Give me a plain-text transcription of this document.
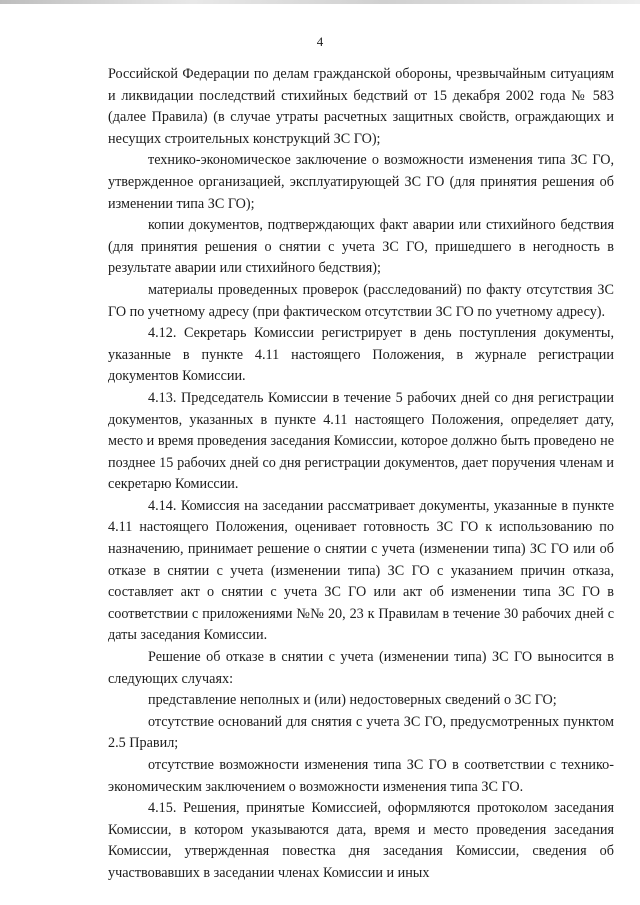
4

Российской Федерации по делам гражданской обороны, чрезвычайным ситуациям и ликвидации последствий стихийных бедствий от 15 декабря 2002 года № 583 (далее Правила) (в случае утраты расчетных защитных свойств, ограждающих и несущих строительных конструкций ЗС ГО);

технико-экономическое заключение о возможности изменения типа ЗС ГО, утвержденное организацией, эксплуатирующей ЗС ГО (для принятия решения об изменении типа ЗС ГО);

копии документов, подтверждающих факт аварии или стихийного бедствия (для принятия решения о снятии с учета ЗС ГО, пришедшего в негодность в результате аварии или стихийного бедствия);

материалы проведенных проверок (расследований) по факту отсутствия ЗС ГО по учетному адресу (при фактическом отсутствии ЗС ГО по учетному адресу).

4.12. Секретарь Комиссии регистрирует в день поступления документы, указанные в пункте 4.11 настоящего Положения, в журнале регистрации документов Комиссии.

4.13. Председатель Комиссии в течение 5 рабочих дней со дня регистрации документов, указанных в пункте 4.11 настоящего Положения, определяет дату, место и время проведения заседания Комиссии, которое должно быть проведено не позднее 15 рабочих дней со дня регистрации документов, дает поручения членам и секретарю Комиссии.

4.14. Комиссия на заседании рассматривает документы, указанные в пункте 4.11 настоящего Положения, оценивает готовность ЗС ГО к использованию по назначению, принимает решение о снятии с учета (изменении типа) ЗС ГО или об отказе в снятии с учета (изменении типа) ЗС ГО с указанием причин отказа, составляет акт о снятии с учета ЗС ГО или акт об изменении типа ЗС ГО в соответствии с приложениями №№ 20, 23 к Правилам в течение 30 рабочих дней с даты заседания Комиссии.

Решение об отказе в снятии с учета (изменении типа) ЗС ГО выносится в следующих случаях:

представление неполных и (или) недостоверных сведений о ЗС ГО;

отсутствие оснований для снятия с учета ЗС ГО, предусмотренных пунктом 2.5 Правил;

отсутствие возможности изменения типа ЗС ГО в соответствии с технико-экономическим заключением о возможности изменения типа ЗС ГО.

4.15. Решения, принятые Комиссией, оформляются протоколом заседания Комиссии, в котором указываются дата, время и место проведения заседания Комиссии, утвержденная повестка дня заседания Комиссии, сведения об участвовавших в заседании членах Комиссии и иных
